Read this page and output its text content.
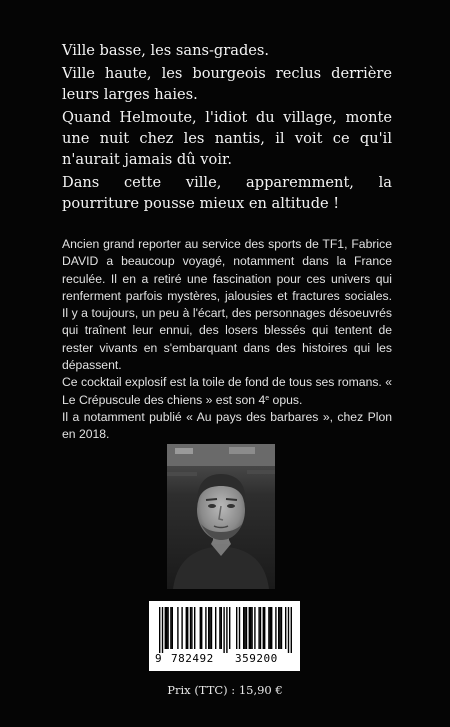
Ville basse, les sans-grades.

Ville haute, les bourgeois reclus derrière leurs larges haies.

Quand Helmoute, l'idiot du village, monte une nuit chez les nantis, il voit ce qu'il n'aurait jamais dû voir.

Dans cette ville, apparemment, la pourriture pousse mieux en altitude !

Ancien grand reporter au service des sports de TF1, Fabrice DAVID a beaucoup voyagé, notamment dans la France reculée. Il en a retiré une fascination pour ces univers qui renferment parfois mystères, jalousies et fractures sociales. Il y a toujours, un peu à l'écart, des personnages désoeuvrés qui traînent leur ennui, des losers blessés qui tentent de rester vivants en s'embarquant dans des histoires qui les dépassent.

Ce cocktail explosif est la toile de fond de tous ses romans. « Le Crépuscule des chiens » est son 4e opus.

Il a notamment publié « Au pays des barbares », chez Plon en 2018.

9 782492 359200
Prix (TTC) : 15,90 €
